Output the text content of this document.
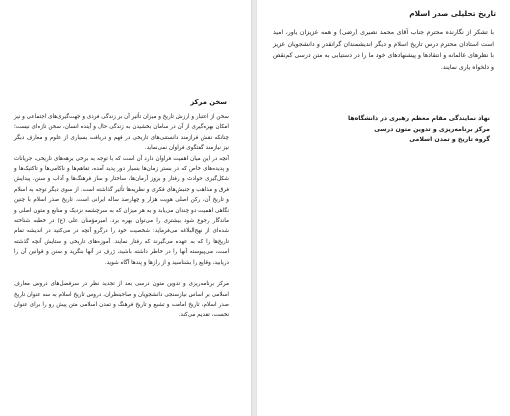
سخن مرکز

سخن از اعتبار و ارزش تاریخ و میزان تأثیر آن بر زندگی فردی و جهت‌گیری‌های اجتماعی و نیز امکان بهره‌گیری از آن در سامان بخشیدن به زندگی حال و آینده انسان، سخن تازه‌ای نیست؛ چنانکه نقش فرازمند دانستنی‌های تاریخی در فهم و دریافت بسیاری از علوم و معارف دیگر نیز نیازمند گفتگوی فراوان نمی‌نماید.

آنچه در این میان اهمیت فراوان دارد آن است که با توجه به برخی برهه‌های تاریخی، جریانات و پدیده‌های خاص که در بستر زمان‌ها بسیار دور پدید آمده، تفاهم‌ها و ناکامی‌ها و تاکتیک‌ها و شکل‌گیری حوادث و رفتار و بروز آرمان‌ها، ساختار و ساز فرهنگ‌ها و آداب و سنن، پیدایش فرق و مذاهب و جنبش‌های فکری و نظریه‌ها تأثیر گذاشته است. از سوی دیگر توجه به اسلام و تاریخ آن، رکن اصلی هویت هزار و چهارصد ساله ایرانی است. تاریخ صدر اسلام با چنین نگاهی اهمیت دو چندان می‌یابد و به هر میزان که به سرچشمه نزدیک و منابع و متون اصلی و ماندگار رجوع شود بیشتری را می‌توان بهره برد. امیرمؤمنان علی (ع) در خطبه شناخته شده‌ای از نهج‌البلاغه می‌فرماید: شخصیت خود را درگرو آنچه در می‌کنید در اندیشه تمام تاریخ‌ها را که به عهده می‌گیرند که رفتار نمایند. آموزه‌های تاریخی و ستایش آنچه گذشته است، می‌پیوسته آنها را در خاطر داشته باشید، ژرف در آنها بنگرید و سنن و قوانین آن را دریابید، وقایع را بشناسید و از رازها و پندها آگاه شوید.

مرکز برنامه‌ریزی و تدوین متون درسی بعد از تجدید نظر در سرفصل‌های دروس معارف اسلامی بر اساس نیازسنجی دانشجویان و صاحبنظران، دروس تاریخ اسلام به سه عنوان تاریخ صدر اسلام، تاریخ امامت و تشیع و تاریخ فرهنگ و تمدن اسلامی متن پیش رو را برای عنوان نخست، تقدیم می‌کند.

تاریخ تحلیلی صدر اسلام

با تشکر از نگارنده محترم جناب آقای محمد نصیری (رضی) و همه عزیزان یاور، امید است استادان محترم درس تاریخ اسلام و دیگر اندیشمندان گرانقدر و دانشجویان عزیز با نظرهای عالمانه و انتقادها و پیشنهادهای خود ما را در دستیابی به متن درسی کم‌نقص و دلخواه یاری نمایند.

نهاد نمایندگی مقام معظم رهبری در دانشگاه‌ها
مرکز برنامه‌ریزی و تدوین متون درسی
گروه تاریخ و تمدن اسلامی
